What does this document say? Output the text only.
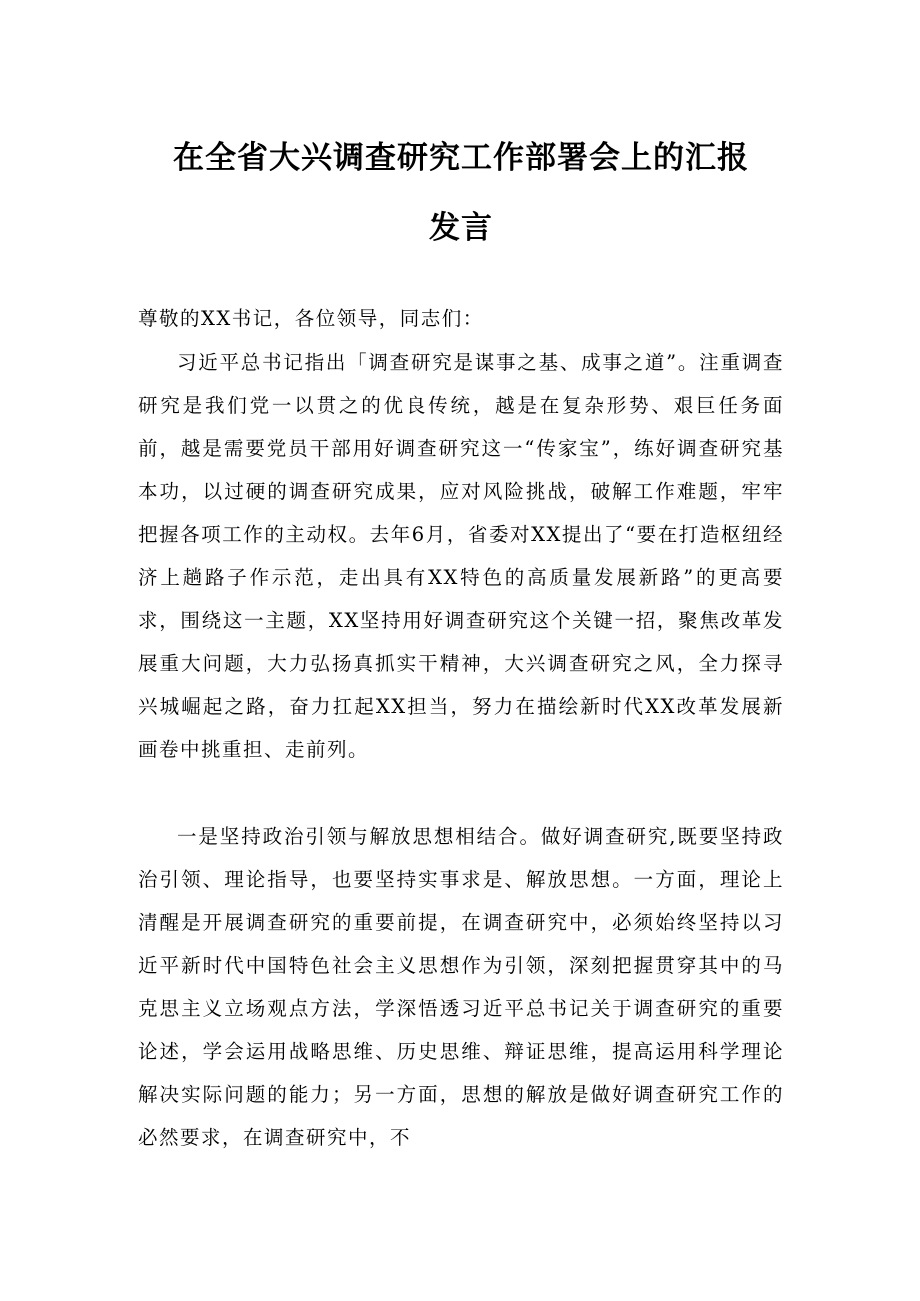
在全省大兴调查研究工作部署会上的汇报
发言

尊敬的XX书记，各位领导，同志们：

习近平总书记指出「调查研究是谋事之基、成事之道”。注重调查研究是我们党一以贯之的优良传统，越是在复杂形势、艰巨任务面前，越是需要党员干部用好调查研究这一“传家宝”，练好调查研究基本功，以过硬的调查研究成果，应对风险挑战，破解工作难题，牢牢把握各项工作的主动权。去年6月，省委对XX提出了“要在打造枢纽经济上趟路子作示范，走出具有XX特色的高质量发展新路”的更高要求，围绕这一主题，XX坚持用好调查研究这个关键一招，聚焦改革发展重大问题，大力弘扬真抓实干精神，大兴调查研究之风，全力探寻兴城崛起之路，奋力扛起XX担当，努力在描绘新时代XX改革发展新画卷中挑重担、走前列。

一是坚持政治引领与解放思想相结合。做好调查研究,既要坚持政治引领、理论指导，也要坚持实事求是、解放思想。一方面，理论上清醒是开展调查研究的重要前提，在调查研究中，必须始终坚持以习近平新时代中国特色社会主义思想作为引领，深刻把握贯穿其中的马克思主义立场观点方法，学深悟透习近平总书记关于调查研究的重要论述，学会运用战略思维、历史思维、辩证思维，提高运用科学理论解决实际问题的能力；另一方面，思想的解放是做好调查研究工作的必然要求，在调查研究中，不
